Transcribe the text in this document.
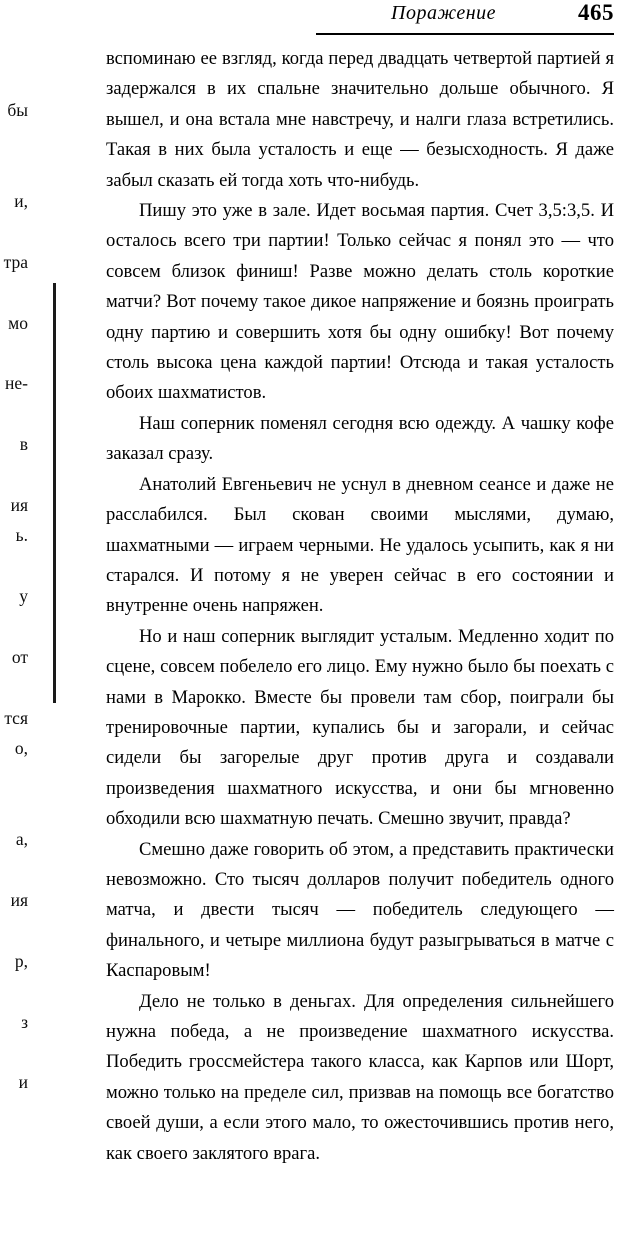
бы

и,

тра

мо

не-

в

ия
ь.

у

от

тся
о,

а,

ия

р,

з

и

Поражение	465

вспоминаю ее взгляд, когда перед двадцать четвертой партией я задержался в их спальне значительно дольше обычного. Я вышел, и она встала мне навстречу, и налги глаза встретились. Такая в них была усталость и еще — безысходность. Я даже забыл сказать ей тогда хоть что-нибудь.

Пишу это уже в зале. Идет восьмая партия. Счет 3,5:3,5. И осталось всего три партии! Только сейчас я понял это — что совсем близок финиш! Разве можно делать столь короткие матчи? Вот почему такое дикое напряжение и боязнь проиграть одну партию и совершить хотя бы одну ошибку! Вот почему столь высока цена каждой партии! Отсюда и такая усталость обоих шахматистов.

Наш соперник поменял сегодня всю одежду. А чашку кофе заказал сразу.

Анатолий Евгеньевич не уснул в дневном сеансе и даже не расслабился. Был скован своими мыслями, думаю, шахматными — играем черными. Не удалось усыпить, как я ни старался. И потому я не уверен сейчас в его состоянии и внутренне очень напряжен.

Но и наш соперник выглядит усталым. Медленно ходит по сцене, совсем побелело его лицо. Ему нужно было бы поехать с нами в Марокко. Вместе бы провели там сбор, поиграли бы тренировочные партии, купались бы и загорали, и сейчас сидели бы загорелые друг против друга и создавали произведения шахматного искусства, и они бы мгновенно обходили всю шахматную печать. Смешно звучит, правда?

Смешно даже говорить об этом, а представить практически невозможно. Сто тысяч долларов получит победитель одного матча, и двести тысяч — победитель следующего — финального, и четыре миллиона будут разыгрываться в матче с Каспаровым!

Дело не только в деньгах. Для определения сильнейшего нужна победа, а не произведение шахматного искусства. Победить гроссмейстера такого класса, как Карпов или Шорт, можно только на пределе сил, призвав на помощь все богатство своей души, а если этого мало, то ожесточившись против него, как своего заклятого врага.
